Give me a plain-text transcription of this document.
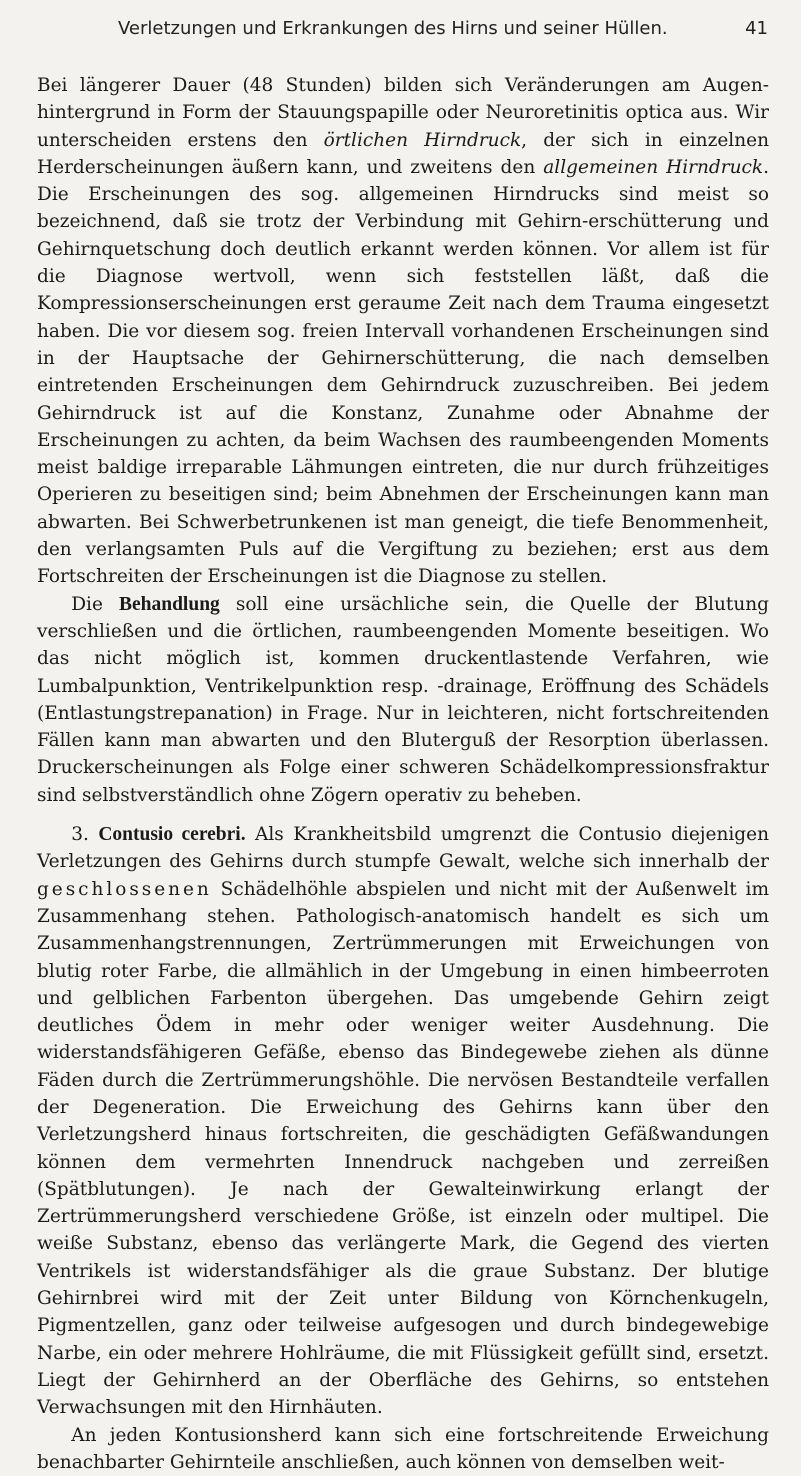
Verletzungen und Erkrankungen des Hirns und seiner Hüllen.	41

Bei längerer Dauer (48 Stunden) bilden sich Veränderungen am Augen-hintergrund in Form der Stauungspapille oder Neuroretinitis optica aus. Wir unterscheiden erstens den örtlichen Hirndruck, der sich in einzelnen Herderscheinungen äußern kann, und zweitens den allgemeinen Hirndruck. Die Erscheinungen des sog. allgemeinen Hirndrucks sind meist so bezeichnend, daß sie trotz der Verbindung mit Gehirn-erschütterung und Gehirnquetschung doch deutlich erkannt werden können. Vor allem ist für die Diagnose wertvoll, wenn sich feststellen läßt, daß die Kompressionserscheinungen erst geraume Zeit nach dem Trauma eingesetzt haben. Die vor diesem sog. freien Intervall vorhandenen Erscheinungen sind in der Hauptsache der Gehirnerschütterung, die nach demselben eintretenden Erscheinungen dem Gehirndruck zuzuschreiben. Bei jedem Gehirndruck ist auf die Konstanz, Zunahme oder Abnahme der Erscheinungen zu achten, da beim Wachsen des raumbeengenden Moments meist baldige irreparable Lähmungen eintreten, die nur durch frühzeitiges Operieren zu beseitigen sind; beim Abnehmen der Erscheinungen kann man abwarten. Bei Schwerbetrunkenen ist man geneigt, die tiefe Benommenheit, den verlangsamten Puls auf die Vergiftung zu beziehen; erst aus dem Fortschreiten der Erscheinungen ist die Diagnose zu stellen.

Die Behandlung soll eine ursächliche sein, die Quelle der Blutung verschließen und die örtlichen, raumbeengenden Momente beseitigen. Wo das nicht möglich ist, kommen druckentlastende Verfahren, wie Lumbalpunktion, Ventrikelpunktion resp. -drainage, Eröffnung des Schädels (Entlastungstrepanation) in Frage. Nur in leichteren, nicht fortschreitenden Fällen kann man abwarten und den Bluterguß der Resorption überlassen. Druckerscheinungen als Folge einer schweren Schädelkompressionsfraktur sind selbstverständlich ohne Zögern operativ zu beheben.

3. Contusio cerebri. Als Krankheitsbild umgrenzt die Contusio diejenigen Verletzungen des Gehirns durch stumpfe Gewalt, welche sich innerhalb der geschlossenen Schädelhöhle abspielen und nicht mit der Außenwelt im Zusammenhang stehen. Pathologisch-anatomisch handelt es sich um Zusammenhangstrennungen, Zertrümmerungen mit Erweichungen von blutig roter Farbe, die allmählich in der Umgebung in einen himbeerroten und gelblichen Farbenton übergehen. Das umgebende Gehirn zeigt deutliches Ödem in mehr oder weniger weiter Ausdehnung. Die widerstandsfähigeren Gefäße, ebenso das Bindegewebe ziehen als dünne Fäden durch die Zertrümmerungshöhle. Die nervösen Bestandteile verfallen der Degeneration. Die Erweichung des Gehirns kann über den Verletzungsherd hinaus fortschreiten, die geschädigten Gefäßwandungen können dem vermehrten Innendruck nachgeben und zerreißen (Spätblutungen). Je nach der Gewalteinwirkung erlangt der Zertrümmerungsherd verschiedene Größe, ist einzeln oder multipel. Die weiße Substanz, ebenso das verlängerte Mark, die Gegend des vierten Ventrikels ist widerstandsfähiger als die graue Substanz. Der blutige Gehirnbrei wird mit der Zeit unter Bildung von Körnchenkugeln, Pigmentzellen, ganz oder teilweise aufgesogen und durch bindegewebige Narbe, ein oder mehrere Hohlräume, die mit Flüssigkeit gefüllt sind, ersetzt. Liegt der Gehirnherd an der Oberfläche des Gehirns, so entstehen Verwachsungen mit den Hirnhäuten.

An jeden Kontusionsherd kann sich eine fortschreitende Erweichung benachbarter Gehirnteile anschließen, auch können von demselben weit-
